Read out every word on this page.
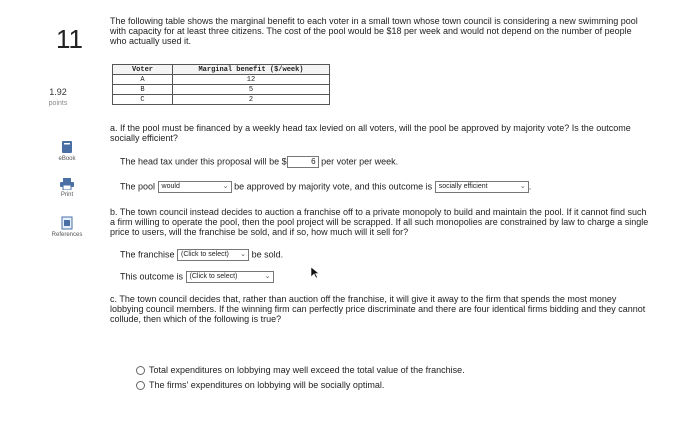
11
1.92
points
eBook
Print
References
The following table shows the marginal benefit to each voter in a small town whose town council is considering a new swimming pool with capacity for at least three citizens. The cost of the pool would be $18 per week and would not depend on the number of people who actually used it.
Voter	Marginal benefit ($/week)
A	12
B	5
C	2
a. If the pool must be financed by a weekly head tax levied on all voters, will the pool be approved by majority vote? Is the outcome socially efficient?
The head tax under this proposal will be $	6 per voter per week.
The pool would	⌄ be approved by majority vote, and this outcome is socially efficient	⌄ .
b. The town council instead decides to auction a franchise off to a private monopoly to build and maintain the pool. If it cannot find such a firm willing to operate the pool, then the pool project will be scrapped. If all such monopolies are constrained by law to charge a single price to users, will the franchise be sold, and if so, how much will it sell for?
The franchise (Click to select) ⌄ be sold.
This outcome is (Click to select)	⌄
c. The town council decides that, rather than auction off the franchise, it will give it away to the firm that spends the most money lobbying council members. If the winning firm can perfectly price discriminate and there are four identical firms bidding and they cannot collude, then which of the following is true?
Total expenditures on lobbying may well exceed the total value of the franchise.
The firms' expenditures on lobbying will be socially optimal.
